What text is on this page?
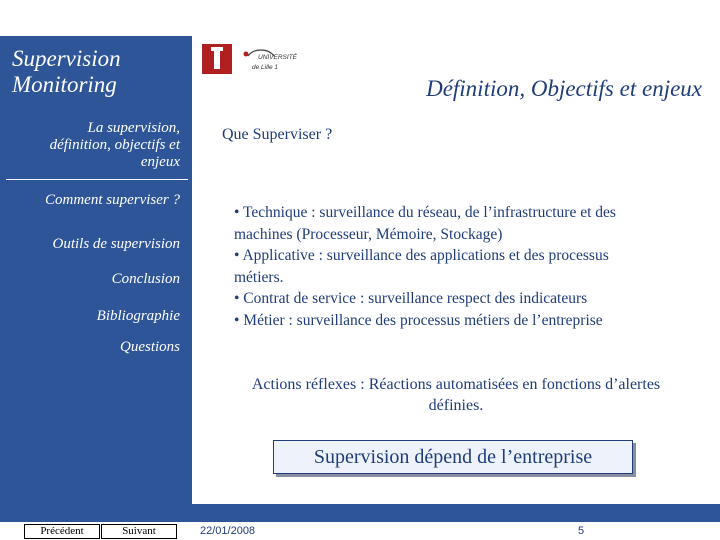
Supervision
Monitoring
La supervision,
définition, objectifs et
enjeux
Comment superviser ?
Outils de supervision
Conclusion
Bibliographie
Questions
UNIVERSITÉ
de Lille 1
Définition, Objectifs et enjeux
Que Superviser ?
• Technique : surveillance du réseau, de l’infrastructure et des
machines (Processeur, Mémoire, Stockage)
• Applicative : surveillance des applications et des processus
métiers.
• Contrat de service : surveillance respect des indicateurs
• Métier : surveillance des processus métiers de l’entreprise
Actions réflexes : Réactions automatisées en fonctions d’alertes
définies.
Supervision dépend de l’entreprise
Précédent	Suivant	22/01/2008	5
